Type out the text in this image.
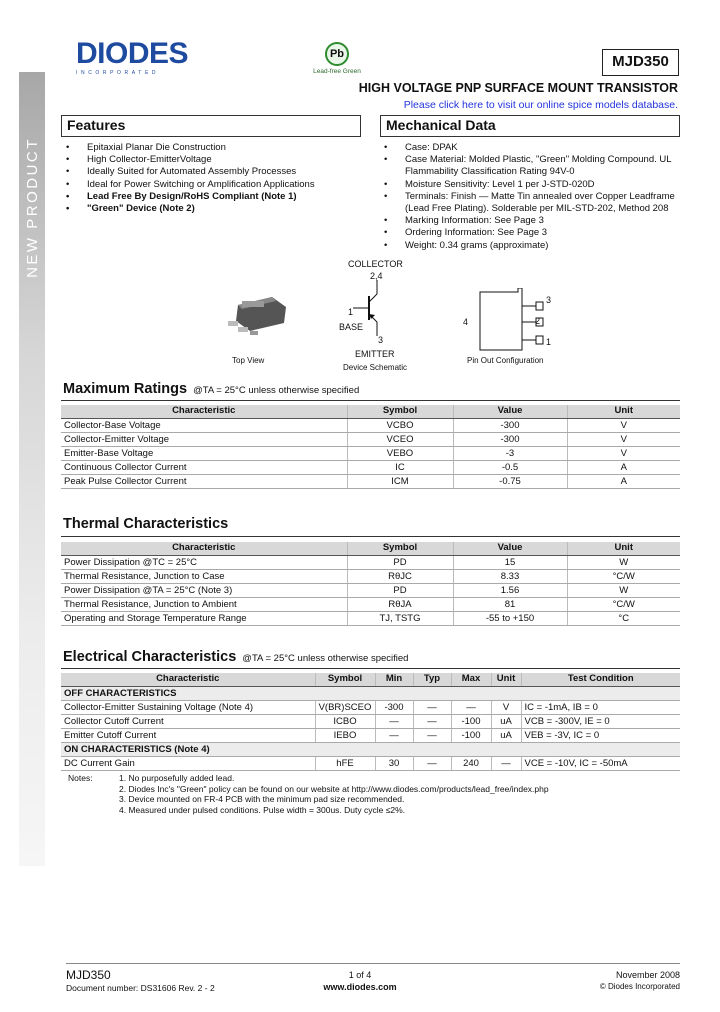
NEW PRODUCT
DIODES
INCORPORATED
Pb
Lead-free Green
MJD350
HIGH VOLTAGE PNP SURFACE MOUNT TRANSISTOR
Please click here to visit our online spice models database.
Features
• Epitaxial Planar Die Construction
• High Collector-EmitterVoltage
• Ideally Suited for Automated Assembly Processes
• Ideal for Power Switching or Amplification Applications
• Lead Free By Design/RoHS Compliant (Note 1)
• "Green" Device (Note 2)
Mechanical Data
• Case: DPAK
• Case Material: Molded Plastic, "Green" Molding Compound. UL Flammability Classification Rating 94V-0
• Moisture Sensitivity: Level 1 per J-STD-020D
• Terminals: Finish — Matte Tin annealed over Copper Leadframe (Lead Free Plating). Solderable per MIL-STD-202, Method 208
• Marking Information: See Page 3
• Ordering Information: See Page 3
• Weight: 0.34 grams (approximate)
Top View
COLLECTOR
2,4
1
BASE
3
EMITTER
Device Schematic
4
3
2
1
Pin Out Configuration
Maximum Ratings @TA = 25°C unless otherwise specified
Characteristic	Symbol	Value	Unit
Collector-Base Voltage	VCBO	-300	V
Collector-Emitter Voltage	VCEO	-300	V
Emitter-Base Voltage	VEBO	-3	V
Continuous Collector Current	IC	-0.5	A
Peak Pulse Collector Current	ICM	-0.75	A
Thermal Characteristics
Characteristic	Symbol	Value	Unit
Power Dissipation @TC = 25°C	PD	15	W
Thermal Resistance, Junction to Case	RθJC	8.33	°C/W
Power Dissipation @TA = 25°C (Note 3)	PD	1.56	W
Thermal Resistance, Junction to Ambient	RθJA	81	°C/W
Operating and Storage Temperature Range	TJ, TSTG	-55 to +150	°C
Electrical Characteristics @TA = 25°C unless otherwise specified
Characteristic	Symbol	Min	Typ	Max	Unit	Test Condition
OFF CHARACTERISTICS						
Collector-Emitter Sustaining Voltage (Note 4)	V(BR)SCEO	-300	—	—	V	IC = -1mA, IB = 0
Collector Cutoff Current	ICBO	—	—	-100	uA	VCB = -300V, IE = 0
Emitter Cutoff Current	IEBO	—	—	-100	uA	VEB = -3V, IC = 0
ON CHARACTERISTICS (Note 4)						
DC Current Gain	hFE	30	—	240	—	VCE = -10V, IC = -50mA
Notes:	1. No purposefully added lead.
2. Diodes Inc's "Green" policy can be found on our website at http://www.diodes.com/products/lead_free/index.php
3. Device mounted on FR-4 PCB with the minimum pad size recommended.
4. Measured under pulsed conditions. Pulse width = 300us. Duty cycle ≤2%.
MJD350
Document number: DS31606 Rev. 2 - 2
1 of 4
www.diodes.com
November 2008
© Diodes Incorporated
